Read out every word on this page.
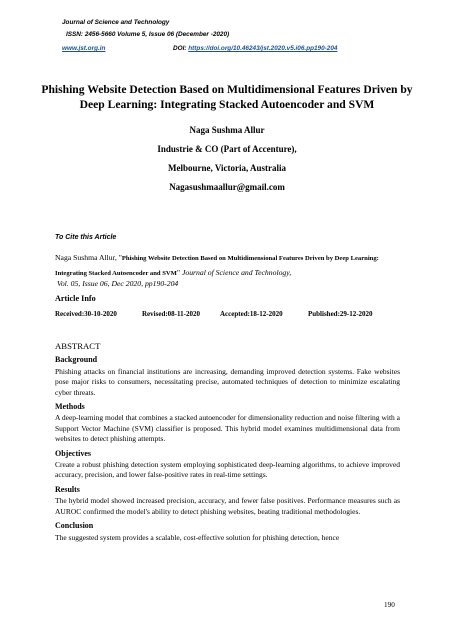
Journal of Science and Technology
ISSN: 2456-5660 Volume 5, Issue 06 (December -2020)
www.jst.org.in	DOI: https://doi.org/10.46243/jst.2020.v5.i06.pp190-204
Phishing Website Detection Based on Multidimensional Features Driven by Deep Learning: Integrating Stacked Autoencoder and SVM
Naga Sushma Allur
Industrie & CO (Part of Accenture),
Melbourne, Victoria, Australia
Nagasushmaallur@gmail.com
To Cite this Article
Naga Sushma Allur, "Phishing Website Detection Based on Multidimensional Features Driven by Deep Learning: Integrating Stacked Autoencoder and SVM" Journal of Science and Technology,
Vol. 05, Issue 06, Dec 2020, pp190-204
Article Info
Received:30-10-2020	Revised:08-11-2020	Accepted:18-12-2020	Published:29-12-2020
ABSTRACT
Background

Phishing attacks on financial institutions are increasing, demanding improved detection systems. Fake websites pose major risks to consumers, necessitating precise, automated techniques of detection to minimize escalating cyber threats.

Methods

A deep-learning model that combines a stacked autoencoder for dimensionality reduction and noise filtering with a Support Vector Machine (SVM) classifier is proposed. This hybrid model examines multidimensional data from websites to detect phishing attempts.

Objectives

Create a robust phishing detection system employing sophisticated deep-learning algorithms, to achieve improved accuracy, precision, and lower false-positive rates in real-time settings.

Results

The hybrid model showed increased precision, accuracy, and fewer false positives. Performance measures such as AUROC confirmed the model's ability to detect phishing websites, beating traditional methodologies.

Conclusion

The suggested system provides a scalable, cost-effective solution for phishing detection, hence

190
